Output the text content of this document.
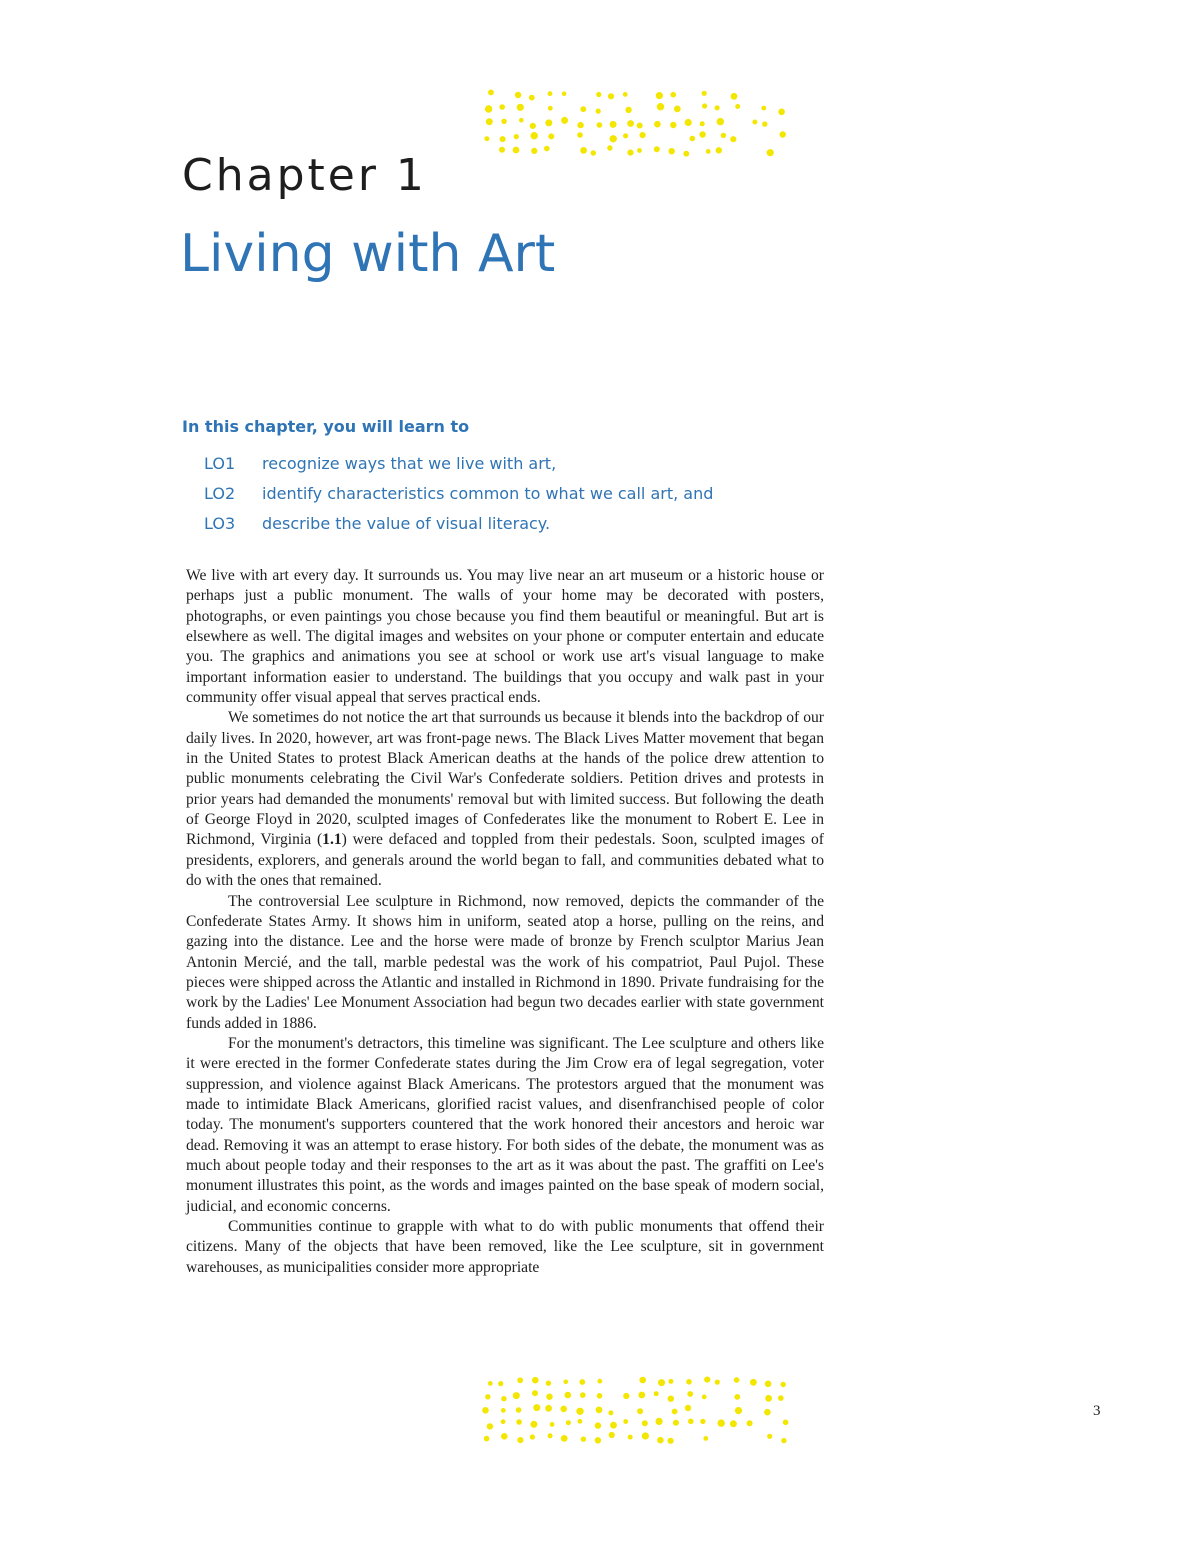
Chapter 1
Living with Art
In this chapter, you will learn to
LO1 recognize ways that we live with art,
LO2 identify characteristics common to what we call art, and
LO3 describe the value of visual literacy.

We live with art every day. It surrounds us. You may live near an art museum or a historic house or perhaps just a public monument. The walls of your home may be decorated with posters, photographs, or even paintings you chose because you find them beautiful or meaningful. But art is elsewhere as well. The digital images and websites on your phone or computer entertain and educate you. The graphics and animations you see at school or work use art's visual language to make important information easier to understand. The buildings that you occupy and walk past in your community offer visual appeal that serves practical ends.

We sometimes do not notice the art that surrounds us because it blends into the backdrop of our daily lives. In 2020, however, art was front-page news. The Black Lives Matter movement that began in the United States to protest Black American deaths at the hands of the police drew attention to public monuments celebrating the Civil War's Confederate soldiers. Petition drives and protests in prior years had demanded the monuments' removal but with limited success. But following the death of George Floyd in 2020, sculpted images of Confederates like the monument to Robert E. Lee in Richmond, Virginia (1.1) were defaced and toppled from their pedestals. Soon, sculpted images of presidents, explorers, and generals around the world began to fall, and communities debated what to do with the ones that remained.

The controversial Lee sculpture in Richmond, now removed, depicts the commander of the Confederate States Army. It shows him in uniform, seated atop a horse, pulling on the reins, and gazing into the distance. Lee and the horse were made of bronze by French sculptor Marius Jean Antonin Mercié, and the tall, marble pedestal was the work of his compatriot, Paul Pujol. These pieces were shipped across the Atlantic and installed in Richmond in 1890. Private fundraising for the work by the Ladies' Lee Monument Association had begun two decades earlier with state government funds added in 1886.

For the monument's detractors, this timeline was significant. The Lee sculpture and others like it were erected in the former Confederate states during the Jim Crow era of legal segregation, voter suppression, and violence against Black Americans. The protestors argued that the monument was made to intimidate Black Americans, glorified racist values, and disenfranchised people of color today. The monument's supporters countered that the work honored their ancestors and heroic war dead. Removing it was an attempt to erase history. For both sides of the debate, the monument was as much about people today and their responses to the art as it was about the past. The graffiti on Lee's monument illustrates this point, as the words and images painted on the base speak of modern social, judicial, and economic concerns.

Communities continue to grapple with what to do with public monuments that offend their citizens. Many of the objects that have been removed, like the Lee sculpture, sit in government warehouses, as municipalities consider more appropriate

3
